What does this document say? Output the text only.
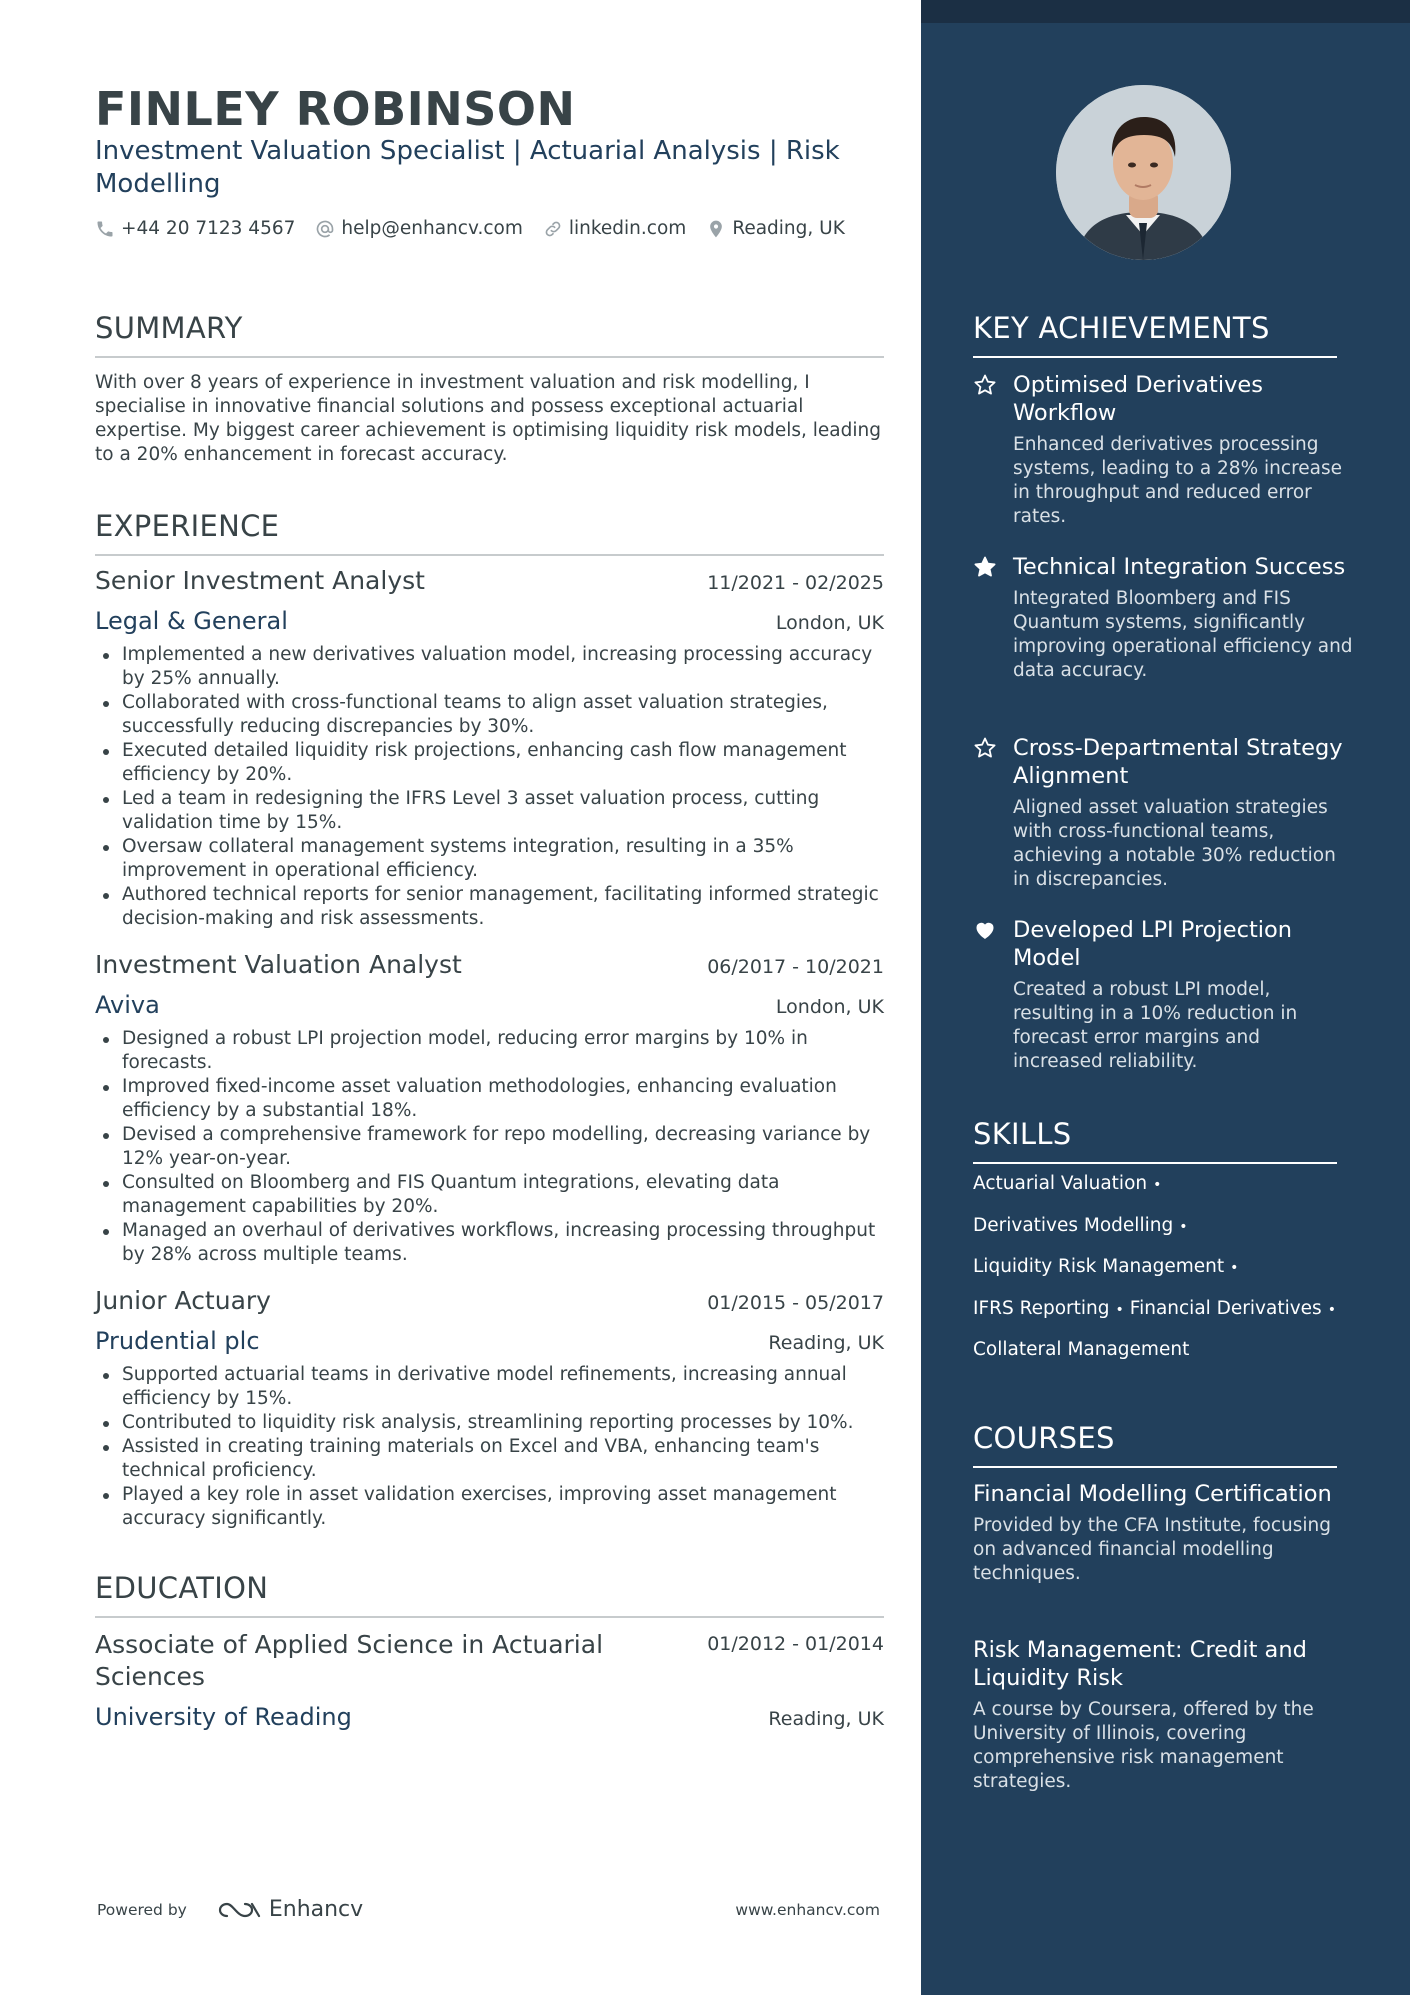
FINLEY ROBINSON
Investment Valuation Specialist | Actuarial Analysis | Risk Modelling
+44 20 7123 4567 help@enhancv.com linkedin.com Reading, UK
SUMMARY
With over 8 years of experience in investment valuation and risk modelling, I specialise in innovative financial solutions and possess exceptional actuarial expertise. My biggest career achievement is optimising liquidity risk models, leading to a 20% enhancement in forecast accuracy.
EXPERIENCE
Senior Investment Analyst	11/2021 - 02/2025
Legal & General	London, UK
Implemented a new derivatives valuation model, increasing processing accuracy by 25% annually.
Collaborated with cross-functional teams to align asset valuation strategies, successfully reducing discrepancies by 30%.
Executed detailed liquidity risk projections, enhancing cash flow management efficiency by 20%.
Led a team in redesigning the IFRS Level 3 asset valuation process, cutting validation time by 15%.
Oversaw collateral management systems integration, resulting in a 35% improvement in operational efficiency.
Authored technical reports for senior management, facilitating informed strategic decision-making and risk assessments.
Investment Valuation Analyst	06/2017 - 10/2021
Aviva	London, UK
Designed a robust LPI projection model, reducing error margins by 10% in forecasts.
Improved fixed-income asset valuation methodologies, enhancing evaluation efficiency by a substantial 18%.
Devised a comprehensive framework for repo modelling, decreasing variance by 12% year-on-year.
Consulted on Bloomberg and FIS Quantum integrations, elevating data management capabilities by 20%.
Managed an overhaul of derivatives workflows, increasing processing throughput by 28% across multiple teams.
Junior Actuary	01/2015 - 05/2017
Prudential plc	Reading, UK
Supported actuarial teams in derivative model refinements, increasing annual efficiency by 15%.
Contributed to liquidity risk analysis, streamlining reporting processes by 10%.
Assisted in creating training materials on Excel and VBA, enhancing team's technical proficiency.
Played a key role in asset validation exercises, improving asset management accuracy significantly.
EDUCATION
Associate of Applied Science in Actuarial Sciences
01/2012 - 01/2014
University of Reading	Reading, UK
Powered by	Enhancv	www.enhancv.com
KEY ACHIEVEMENTS
Optimised Derivatives Workflow
Enhanced derivatives processing systems, leading to a 28% increase in throughput and reduced error rates.
Technical Integration Success
Integrated Bloomberg and FIS Quantum systems, significantly improving operational efficiency and data accuracy.
Cross-Departmental Strategy Alignment
Aligned asset valuation strategies with cross-functional teams, achieving a notable 30% reduction in discrepancies.
Developed LPI Projection Model
Created a robust LPI model, resulting in a 10% reduction in forecast error margins and increased reliability.
SKILLS
Actuarial Valuation •
Derivatives Modelling •
Liquidity Risk Management •
IFRS Reporting • Financial Derivatives •
Collateral Management
COURSES
Financial Modelling Certification
Provided by the CFA Institute, focusing on advanced financial modelling techniques.
Risk Management: Credit and Liquidity Risk
A course by Coursera, offered by the University of Illinois, covering comprehensive risk management strategies.
